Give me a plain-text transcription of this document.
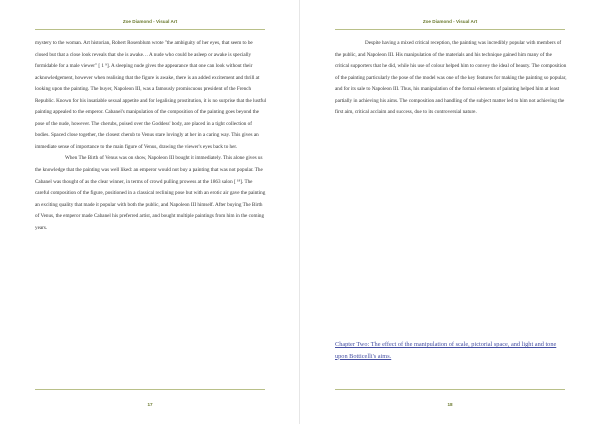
Zoe Diamond - Visual Art

mystery to the woman. Art historian, Robert Rosenblum wrote "the ambiguity of her eyes, that seem to be closed but that a close look reveals that she is awake… A nude who could be asleep or awake is specially formidable for a male viewer" [ 1 ⁹]. A sleeping nude gives the appearance that one can look without their acknowledgement, however when realising that the figure is awake, there is an added excitement and thrill at looking upon the painting. The buyer, Napoleon III, was a famously promiscuous president of the French Republic. Known for his insatiable sexual appetite and for legalising prostitution, it is no surprise that the lustful painting appealed to the emperor. Cabanel's manipulation of the composition of the painting goes beyond the pose of the nude, however. The cherubs, poised over the Goddess' body, are placed in a tight collection of bodies. Spaced close together, the closest cherub to Venus stare lovingly at her in a caring way. This gives an immediate sense of importance to the main figure of Venus, drawing the viewer's eyes back to her.

When The Birth of Venus was on show, Napoleon III bought it immediately. This alone gives us the knowledge that the painting was well liked: an emperor would not buy a painting that was not popular. The Cabanel was thought of as the clear winner, in terms of crowd pulling prowess at the 1863 salon [ ¹⁸]. The careful composition of the figure, positioned in a classical reclining pose but with an erotic air gave the painting an exciting quality that made it popular with both the public, and Napoleon III himself. After buying The Birth of Venus, the emperor made Cabanel his preferred artist, and bought multiple paintings from him in the coming years.

17
Zoe Diamond - Visual Art

Despite having a mixed critical reception, the painting was incredibly popular with members of the public, and Napoleon III. His manipulation of the materials and his technique gained him many of the critical supporters that he did, while his use of colour helped him to convey the ideal of beauty. The composition of the painting particularly the pose of the model was one of the key features for making the painting so popular, and for its sale to Napoleon III. Thus, his manipulation of the formal elements of painting helped him at least partially in achieving his aims. The composition and handling of the subject matter led to him not achieving the first aim, critical acclaim and success, due to its controversial nature.

Chapter Two: The effect of the manipulation of scale, pictorial space, and light and tone upon Botticelli's aims.
18
